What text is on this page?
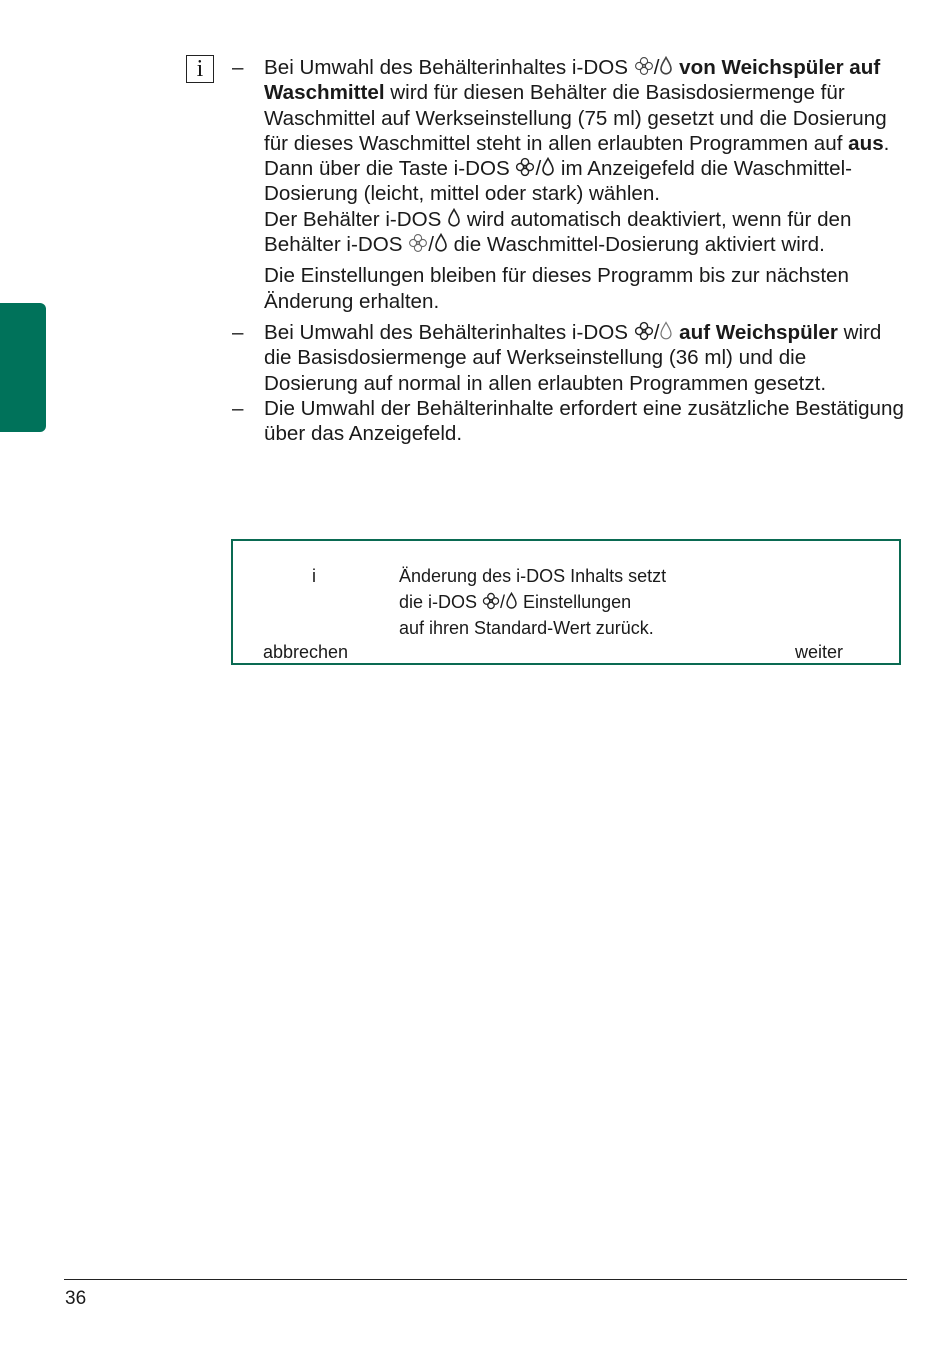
i	– Bei Umwahl des Behälterinhaltes i-DOS
/ von Weichspüler auf Waschmittel wird für diesen Behälter die Basisdosiermenge für Waschmittel auf Werkseinstellung (75 ml) gesetzt und die Dosierung für dieses Waschmittel steht in allen erlaubten Programmen auf aus. Dann über die Taste i-DOS
/
im Anzeigefeld die Waschmittel-Dosierung (leicht, mittel oder stark) wählen.
Der Behälter i-DOS
wird automatisch deaktiviert, wenn für den Behälter i-DOS
/
die Waschmittel-Dosierung aktiviert wird.
Die Einstellungen bleiben für dieses Programm bis zur nächsten Änderung erhalten.
– Bei Umwahl des Behälterinhaltes i-DOS
/ auf Weichspüler wird die Basisdosiermenge auf Werkseinstellung (36 ml) und die Dosierung auf normal in allen erlaubten Programmen gesetzt.
– Die Umwahl der Behälterinhalte erfordert eine zusätzliche Bestätigung über das Anzeigefeld.
i	Änderung des i-DOS Inhalts setzt
die i-DOS
/
Einstellungen
auf ihren Standard-Wert zurück.
abbrechen	weiter
36
